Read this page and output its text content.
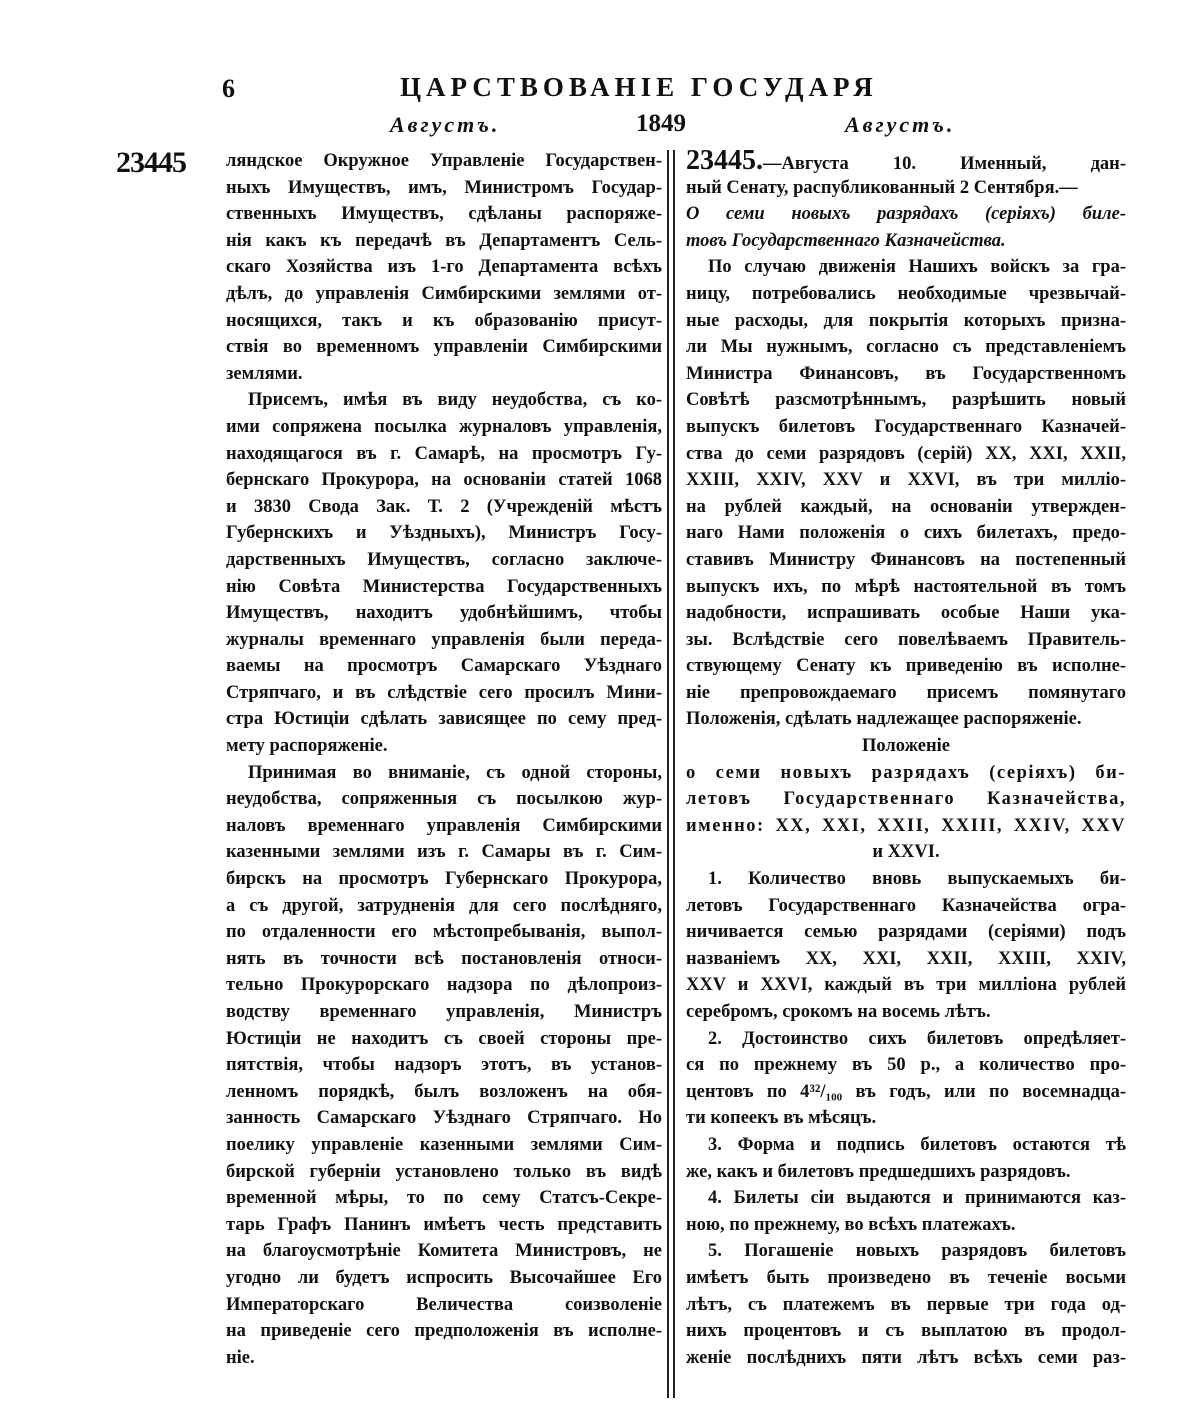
6	ЦАРСТВОВАНІЕ ГОСУДАРЯ
Августъ.	1849	Августъ.
23445 ляндское Окружное Управленіе Государствен-
ныхъ Имуществъ, имъ, Министромъ Государ-
ственныхъ Имуществъ, сдѣланы распоряже-
нія какъ къ передачѣ въ Департаментъ Сель-
скаго Хозяйства изъ 1-го Департамента всѣхъ
дѣлъ, до управленія Симбирскими землями от-
носящихся, такъ и къ образованію присут-
ствія во временномъ управленіи Симбирскими
землями.
Присемъ, имѣя въ виду неудобства, съ ко-
ими сопряжена посылка журналовъ управленія,
находящагося въ г. Самарѣ, на просмотръ Гу-
бернскаго Прокурора, на основаніи статей 1068
и 3830 Свода Зак. Т. 2 (Учрежденій мѣстъ
Губернскихъ и Уѣздныхъ), Министръ Госу-
дарственныхъ Имуществъ, согласно заключе-
нію Совѣта Министерства Государственныхъ
Имуществъ, находитъ удобнѣйшимъ, чтобы
журналы временнаго управленія были переда-
ваемы на просмотръ Самарскаго Уѣзднаго
Стряпчаго, и въ слѣдствіе сего просилъ Мини-
стра Юстиціи сдѣлать зависящее по сему пред-
мету распоряженіе.
Принимая во вниманіе, съ одной стороны,
неудобства, сопряженныя съ посылкою жур-
наловъ временнаго управленія Симбирскими
казенными землями изъ г. Самары въ г. Сим-
бирскъ на просмотръ Губернскаго Прокурора,
а съ другой, затрудненія для сего послѣдняго,
по отдаленности его мѣстопребыванія, выпол-
нять въ точности всѣ постановленія относи-
тельно Прокурорскаго надзора по дѣлопроиз-
водству временнаго управленія, Министръ
Юстиціи не находитъ съ своей стороны пре-
пятствія, чтобы надзоръ этотъ, въ установ-
ленномъ порядкѣ, былъ возложенъ на обя-
занность Самарскаго Уѣзднаго Стряпчаго. Но
поелику управленіе казенными землями Сим-
бирской губерніи установлено только въ видѣ
временной мѣры, то по сему Статсъ-Секре-
тарь Графъ Панинъ имѣетъ честь представить
на благоусмотрѣніе Комитета Министровъ, не
угодно ли будетъ испросить Высочайшее Его
Императорскаго Величества соизволеніе
на приведеніе сего предположенія въ исполне-
ніе.
23445.—Августа 10. Именный, дан-
ный Сенату, распубликованный 2 Сентября.—
О семи новыхъ разрядахъ (серіяхъ) биле-
товъ Государственнаго Казначейства.
По случаю движенія Нашихъ войскъ за гра-
ницу, потребовались необходимые чрезвычай-
ные расходы, для покрытія которыхъ призна-
ли Мы нужнымъ, согласно съ представленіемъ
Министра Финансовъ, въ Государственномъ
Совѣтѣ разсмотрѣннымъ, разрѣшить новый
выпускъ билетовъ Государственнаго Казначей-
ства до семи разрядовъ (серій) XX, XXI, XXII,
XXIII, XXIV, XXV и XXVI, въ три милліо-
на рублей каждый, на основаніи утвержден-
наго Нами положенія о сихъ билетахъ, предо-
ставивъ Министру Финансовъ на постепенный
выпускъ ихъ, по мѣрѣ настоятельной въ томъ
надобности, испрашивать особые Наши ука-
зы. Вслѣдствіе сего повелѣваемъ Правитель-
ствующему Сенату къ приведенію въ исполне-
ніе препровождаемаго присемъ помянутаго
Положенія, сдѣлать надлежащее распоряженіе.
Положеніе
о семи новыхъ разрядахъ (серіяхъ) би-
летовъ Государственнаго Казначейства,
именно: XX, XXI, XXII, XXIII, XXIV, XXV
и XXVI.
1. Количество вновь выпускаемыхъ би-
летовъ Государственнаго Казначейства огра-
ничивается семью разрядами (серіями) подъ
названіемъ XX, XXI, XXII, XXIII, XXIV,
XXV и XXVI, каждый въ три милліона рублей
серебромъ, срокомъ на восемь лѣтъ.
2. Достоинство сихъ билетовъ опредѣляет-
ся по прежнему въ 50 р., а количество про-
центовъ по 4³²/₁₀₀ въ годъ, или по восемнадца-
ти копеекъ въ мѣсяцъ.
3. Форма и подпись билетовъ остаются тѣ
же, какъ и билетовъ предшедшихъ разрядовъ.
4. Билеты сіи выдаются и принимаются каз-
ною, по прежнему, во всѣхъ платежахъ.
5. Погашеніе новыхъ разрядовъ билетовъ
имѣетъ быть произведено въ теченіе восьми
лѣтъ, съ платежемъ въ первые три года од-
нихъ процентовъ и съ выплатою въ продол-
женіе послѣднихъ пяти лѣтъ всѣхъ семи раз-
